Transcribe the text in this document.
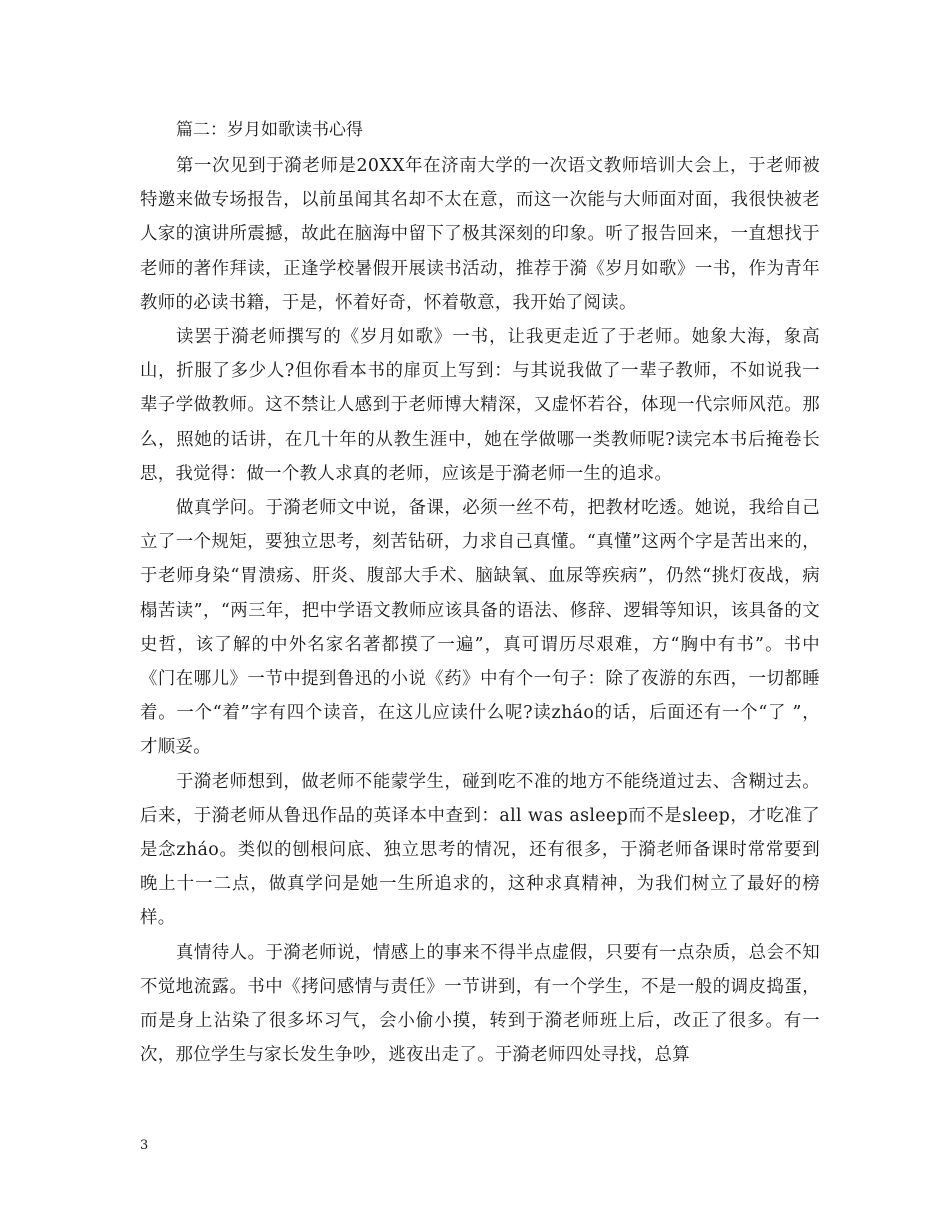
篇二：岁月如歌读书心得

第一次见到于漪老师是20XX年在济南大学的一次语文教师培训大会上，于老师被特邀来做专场报告，以前虽闻其名却不太在意，而这一次能与大师面对面，我很快被老人家的演讲所震撼，故此在脑海中留下了极其深刻的印象。听了报告回来，一直想找于老师的著作拜读，正逢学校暑假开展读书活动，推荐于漪《岁月如歌》一书，作为青年教师的必读书籍，于是，怀着好奇，怀着敬意，我开始了阅读。

读罢于漪老师撰写的《岁月如歌》一书，让我更走近了于老师。她象大海，象高山，折服了多少人?但你看本书的扉页上写到：与其说我做了一辈子教师，不如说我一辈子学做教师。这不禁让人感到于老师博大精深，又虚怀若谷，体现一代宗师风范。那么，照她的话讲，在几十年的从教生涯中，她在学做哪一类教师呢?读完本书后掩卷长思，我觉得：做一个教人求真的老师，应该是于漪老师一生的追求。

做真学问。于漪老师文中说，备课，必须一丝不苟，把教材吃透。她说，我给自己立了一个规矩，要独立思考，刻苦钻研，力求自己真懂。“真懂”这两个字是苦出来的，于老师身染“胃溃疡、肝炎、腹部大手术、脑缺氧、血尿等疾病”，仍然“挑灯夜战，病榻苦读”，“两三年，把中学语文教师应该具备的语法、修辞、逻辑等知识，该具备的文史哲，该了解的中外名家名著都摸了一遍”，真可谓历尽艰难，方“胸中有书”。书中《门在哪儿》一节中提到鲁迅的小说《药》中有个一句子：除了夜游的东西，一切都睡着。一个“着”字有四个读音，在这儿应读什么呢?读zháo的话，后面还有一个“了 ”，才顺妥。

于漪老师想到，做老师不能蒙学生，碰到吃不准的地方不能绕道过去、含糊过去。后来，于漪老师从鲁迅作品的英译本中查到：all was asleep而不是sleep，才吃准了是念zháo。类似的刨根问底、独立思考的情况，还有很多，于漪老师备课时常常要到晚上十一二点，做真学问是她一生所追求的，这种求真精神，为我们树立了最好的榜样。

真情待人。于漪老师说，情感上的事来不得半点虚假，只要有一点杂质，总会不知不觉地流露。书中《拷问感情与责任》一节讲到，有一个学生，不是一般的调皮捣蛋，而是身上沾染了很多坏习气，会小偷小摸，转到于漪老师班上后，改正了很多。有一次，那位学生与家长发生争吵，逃夜出走了。于漪老师四处寻找，总算

3
